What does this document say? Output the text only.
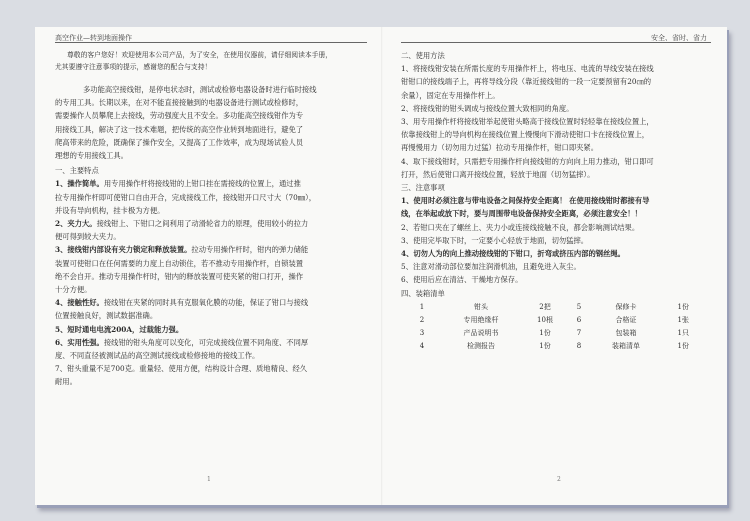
高空作业—转到地面操作	安全、省时、省力

尊敬的客户您好！欢迎使用本公司产品，为了安全，在使用仪器前，请仔细阅读本手册，

尤其要遵守注意事项的提示，感谢您的配合与支持！

多功能高空接线钳，是停电状态时，测试或检修电器设备时进行临时接线

的专用工具。长期以来，在对不能直接接触到的电器设备进行测试或检修时，

需要操作人员攀爬上去接线，劳动强度大且不安全。多功能高空接线钳作为专

用接线工具，解决了这一技术难题，把传统的高空作业转到地面进行，避免了

爬高带来的危险，既确保了操作安全，又提高了工作效率，成为现场试验人员

理想的专用接线工具。

一、主要特点

1、操作简单。用专用操作杆将接线钳的上钳口挂在需接线的位置上，通过推

拉专用操作杆即可使钳口自由开合，完成接线工作，接线钳开口尺寸大（70㎜），

并设有导向机构，挂卡极为方便。

2、夹力大。接线钳上、下钳口之间利用了动滑轮省力的原理，使用较小的拉力

便可得到较大夹力。

3、接线钳内部设有夹力锁定和释放装置。拉动专用操作杆时，钳内的弹力储能

装置可使钳口在任何需要的力度上自动锁住，若不推动专用操作杆，自锁装置

绝不会自开。推动专用操作杆时，钳内的释放装置可使夹紧的钳口打开，操作

十分方便。

4、接触性好。接线钳在夹紧的同时具有克服氧化膜的功能，保证了钳口与接线

位置接触良好，测试数据准确。

5、短时通电电流200A，过载能力强。

6、实用性强。接线钳的钳头角度可以变化，可完成接线位置不同角度、不同厚

度、不同直径被测试品的高空测试接线或检修接地的接线工作。

7、钳头重量不足700克。重量轻、使用方便，结构设计合理、质地精良、经久

耐用。

二、使用方法

1、将接线钳安装在所需长度的专用操作杆上，将电压、电流的导线安装在接线

钳钳口的接线端子上，再将导线分段（靠近接线钳的一段一定要预留有20㎝的

余量），固定在专用操作杆上。

2、将接线钳的钳头调成与接线位置大致相同的角度。

3、用专用操作杆将接线钳举起使钳头略高于接线位置时轻轻靠在接线位置上，

依靠接线钳上的导向机构在接线位置上慢慢向下滑动使钳口卡在接线位置上，

再慢慢用力（切勿用力过猛）拉动专用操作杆，钳口即夹紧。

4、取下接线钳时，只需把专用操作杆向接线钳的方向向上用力推动，钳口即可

打开，然后使钳口离开接线位置，轻放于地面（切勿猛摔）。

三、注意事项

1、使用时必须注意与带电设备之间保持安全距离！ 在使用接线钳时都接有导

线，在举起或放下时，要与周围带电设备保持安全距离，必须注意安全！！

2、若钳口夹在了螺丝上、夹力小或连接线接触不良，都会影响测试结果。

3、使用完毕取下时，一定要小心轻放于地面，切勿猛摔。

4、切勿人为的向上推动接线钳的下钳口，折弯或挤压内部的钢丝绳。

5、注意对滑动部位要加注润滑机油，且避免进入灰尘。

6、使用后应在清洁、干燥地方保存。

四、装箱清单

1	钳头	2把	5	保修卡	1份
2	专用绝缘杆	10根	6	合格证	1张
3	产品说明书	1份	7	包装箱	1只
4	检测报告	1份	8	装箱清单	1份
1	2
